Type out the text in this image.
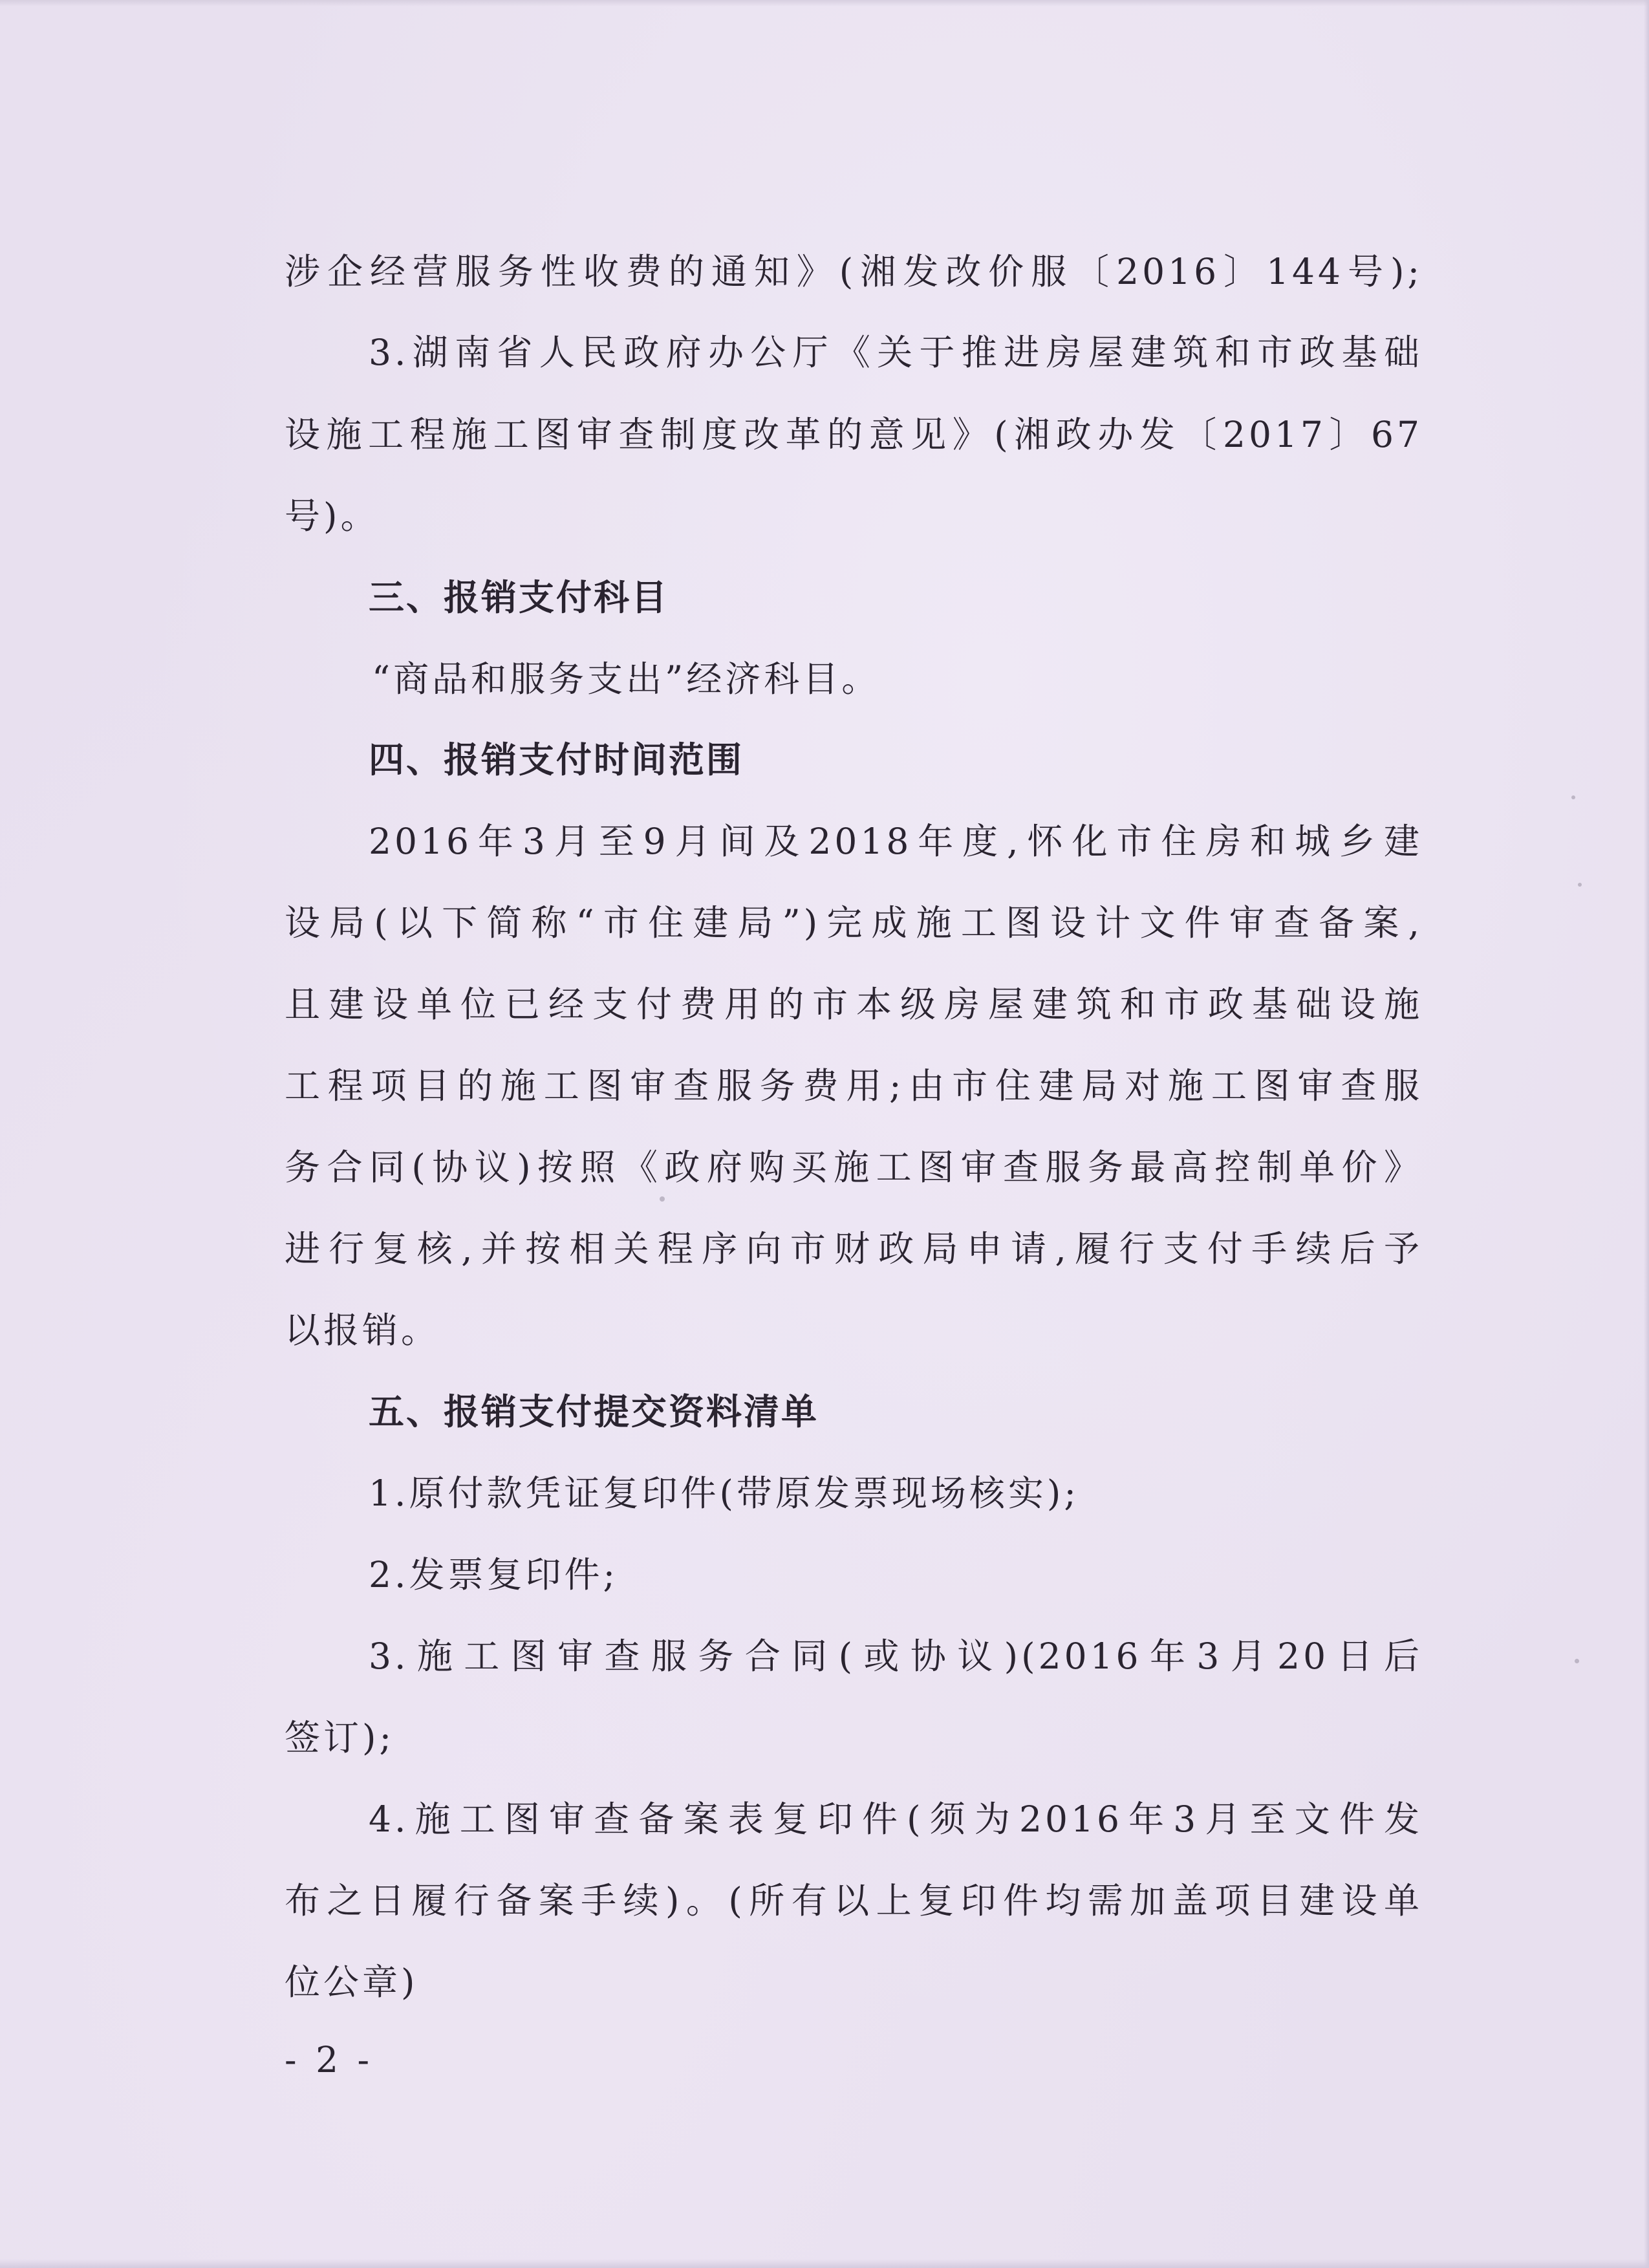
涉企经营服务性收费的通知》(湘发改价服〔2016〕144号);
3.湖南省人民政府办公厅《关于推进房屋建筑和市政基础
设施工程施工图审查制度改革的意见》(湘政办发〔2017〕67
号)。
三、报销支付科目
“商品和服务支出”经济科目。
四、报销支付时间范围
2016年3月至9月间及2018年度,怀化市住房和城乡建
设局(以下简称“市住建局”)完成施工图设计文件审查备案,
且建设单位已经支付费用的市本级房屋建筑和市政基础设施
工程项目的施工图审查服务费用;由市住建局对施工图审查服
务合同(协议)按照《政府购买施工图审查服务最高控制单价》
进行复核,并按相关程序向市财政局申请,履行支付手续后予
以报销。
五、报销支付提交资料清单
1.原付款凭证复印件(带原发票现场核实);
2.发票复印件;
3.施工图审查服务合同(或协议)(2016年3月20日后
签订);
4.施工图审查备案表复印件(须为2016年3月至文件发
布之日履行备案手续)。(所有以上复印件均需加盖项目建设单
位公章)
- 2 -
